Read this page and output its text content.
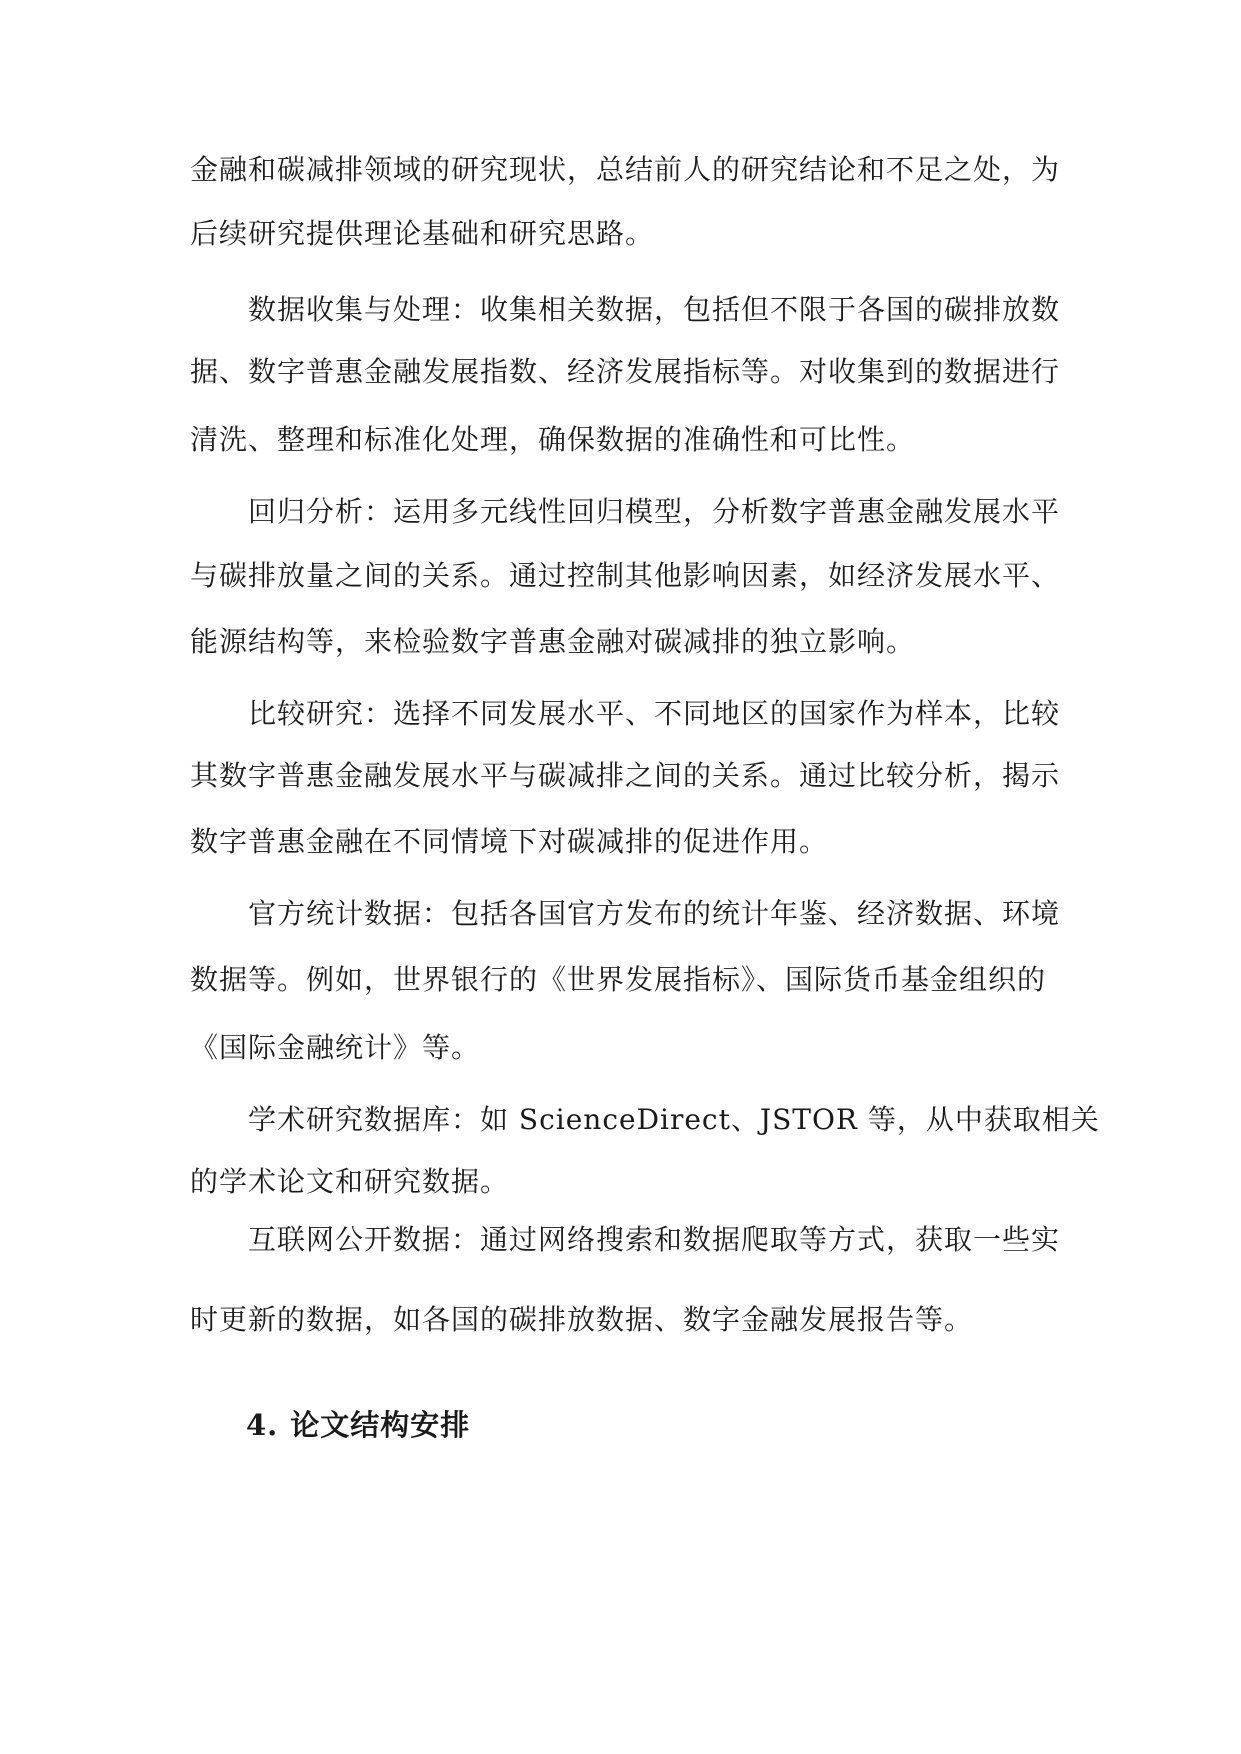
金融和碳减排领域的研究现状，总结前人的研究结论和不足之处，为
后续研究提供理论基础和研究思路。
数据收集与处理：收集相关数据，包括但不限于各国的碳排放数
据、数字普惠金融发展指数、经济发展指标等。对收集到的数据进行
清洗、整理和标准化处理，确保数据的准确性和可比性。
回归分析：运用多元线性回归模型，分析数字普惠金融发展水平
与碳排放量之间的关系。通过控制其他影响因素，如经济发展水平、
能源结构等，来检验数字普惠金融对碳减排的独立影响。
比较研究：选择不同发展水平、不同地区的国家作为样本，比较
其数字普惠金融发展水平与碳减排之间的关系。通过比较分析，揭示
数字普惠金融在不同情境下对碳减排的促进作用。
官方统计数据：包括各国官方发布的统计年鉴、经济数据、环境
数据等。例如，世界银行的《世界发展指标》、国际货币基金组织的
《国际金融统计》等。
学术研究数据库：如 ScienceDirect、JSTOR 等，从中获取相关
的学术论文和研究数据。
互联网公开数据：通过网络搜索和数据爬取等方式，获取一些实
时更新的数据，如各国的碳排放数据、数字金融发展报告等。
4. 论文结构安排
